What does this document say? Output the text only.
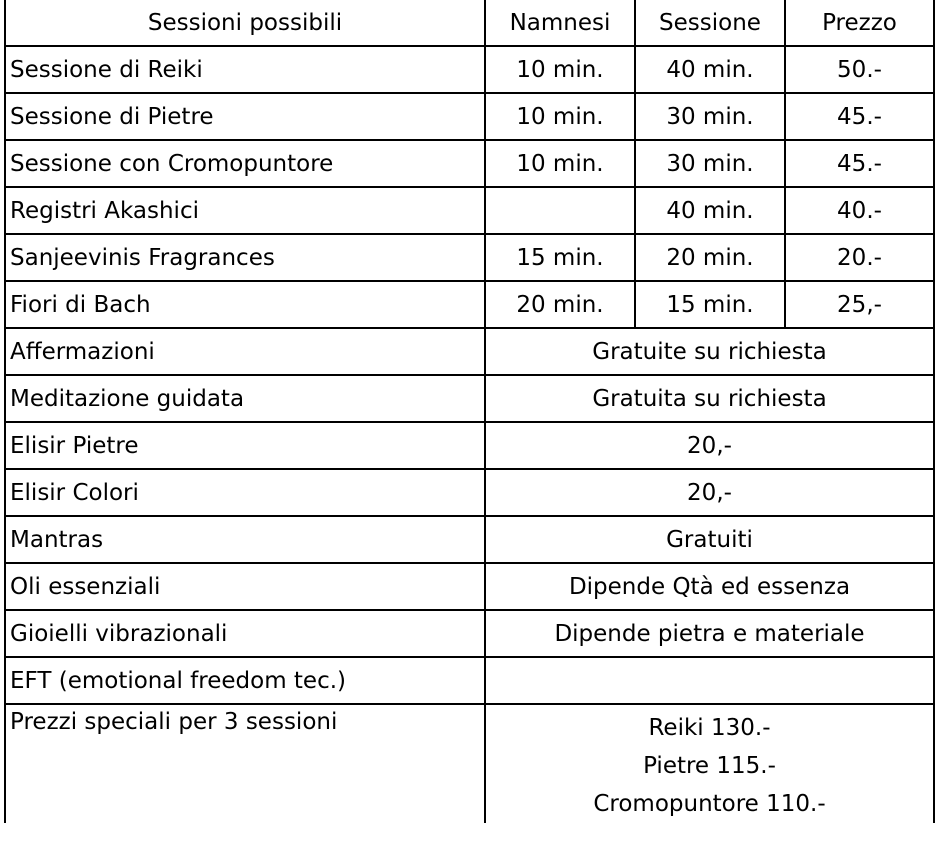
Sessioni possibili	Namnesi	Sessione	Prezzo
Sessione di Reiki	10 min.	40 min.	50.-
Sessione di Pietre	10 min.	30 min.	45.-
Sessione con Cromopuntore	10 min.	30 min.	45.-
Registri Akashici		40 min.	40.-
Sanjeevinis Fragrances	15 min.	20 min.	20.-
Fiori di Bach	20 min.	15 min.	25,-
Affermazioni	Gratuite su richiesta		
Meditazione guidata	Gratuita su richiesta		
Elisir Pietre	20,-		
Elisir Colori	20,-		
Mantras	Gratuiti		
Oli essenziali	Dipende Qtà ed essenza		
Gioielli vibrazionali	Dipende pietra e materiale		
EFT (emotional freedom tec.)			
Prezzi speciali per 3 sessioni	Reiki 130.-
Pietre 115.-
Cromopuntore 110.-		
